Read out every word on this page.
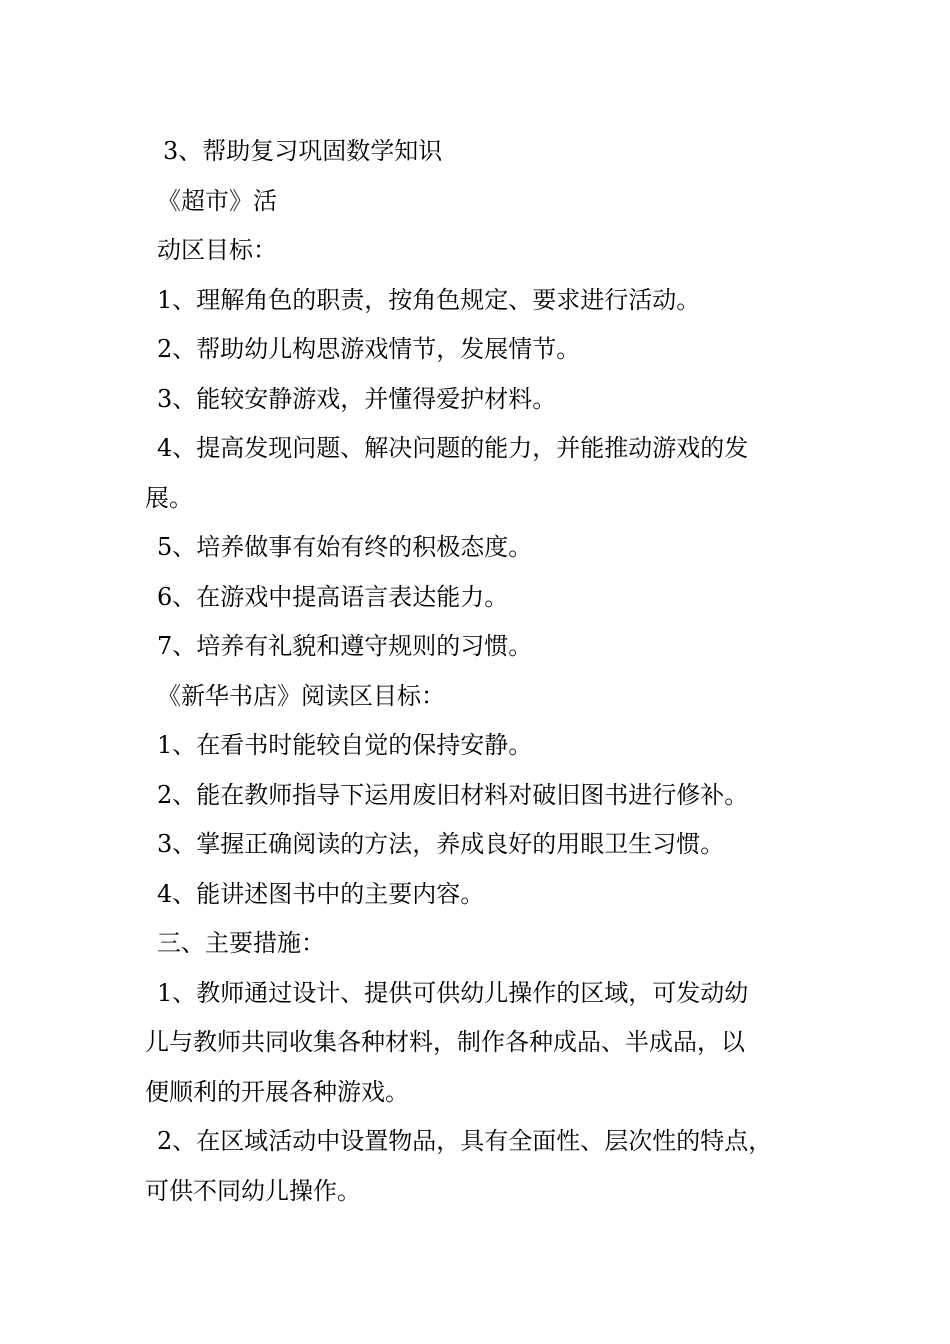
3、帮助复习巩固数学知识
《超市》活
动区目标：
1、理解角色的职责，按角色规定、要求进行活动。
2、帮助幼儿构思游戏情节，发展情节。
3、能较安静游戏，并懂得爱护材料。
4、提高发现问题、解决问题的能力，并能推动游戏的发
展。
5、培养做事有始有终的积极态度。
6、在游戏中提高语言表达能力。
7、培养有礼貌和遵守规则的习惯。
《新华书店》阅读区目标：
1、在看书时能较自觉的保持安静。
2、能在教师指导下运用废旧材料对破旧图书进行修补。
3、掌握正确阅读的方法，养成良好的用眼卫生习惯。
4、能讲述图书中的主要内容。
三、主要措施：
1、教师通过设计、提供可供幼儿操作的区域，可发动幼
儿与教师共同收集各种材料，制作各种成品、半成品，以
便顺利的开展各种游戏。
2、在区域活动中设置物品，具有全面性、层次性的特点，
可供不同幼儿操作。
